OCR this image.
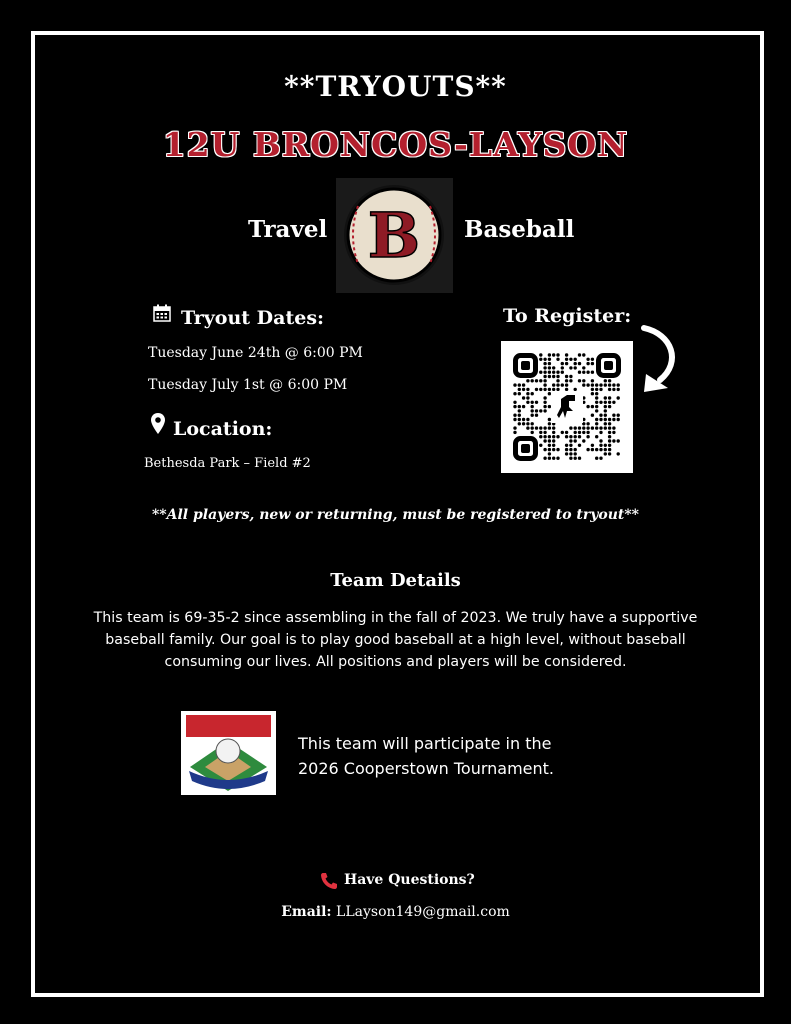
**TRYOUTS**
12U BRONCOS-LAYSON
Travel B Baseball
Tryout Dates:
Tuesday June 24th @ 6:00 PM
Tuesday July 1st @ 6:00 PM
Location:
Bethesda Park – Field #2
To Register:
**All players, new or returning, must be registered to tryout**
Team Details
This team is 69-35-2 since assembling in the fall of 2023. We truly have a supportive baseball family. Our goal is to play good baseball at a high level, without baseball consuming our lives. All positions and players will be considered.
This team will participate in the
2026 Cooperstown Tournament.
Have Questions?
Email: LLayson149@gmail.com
